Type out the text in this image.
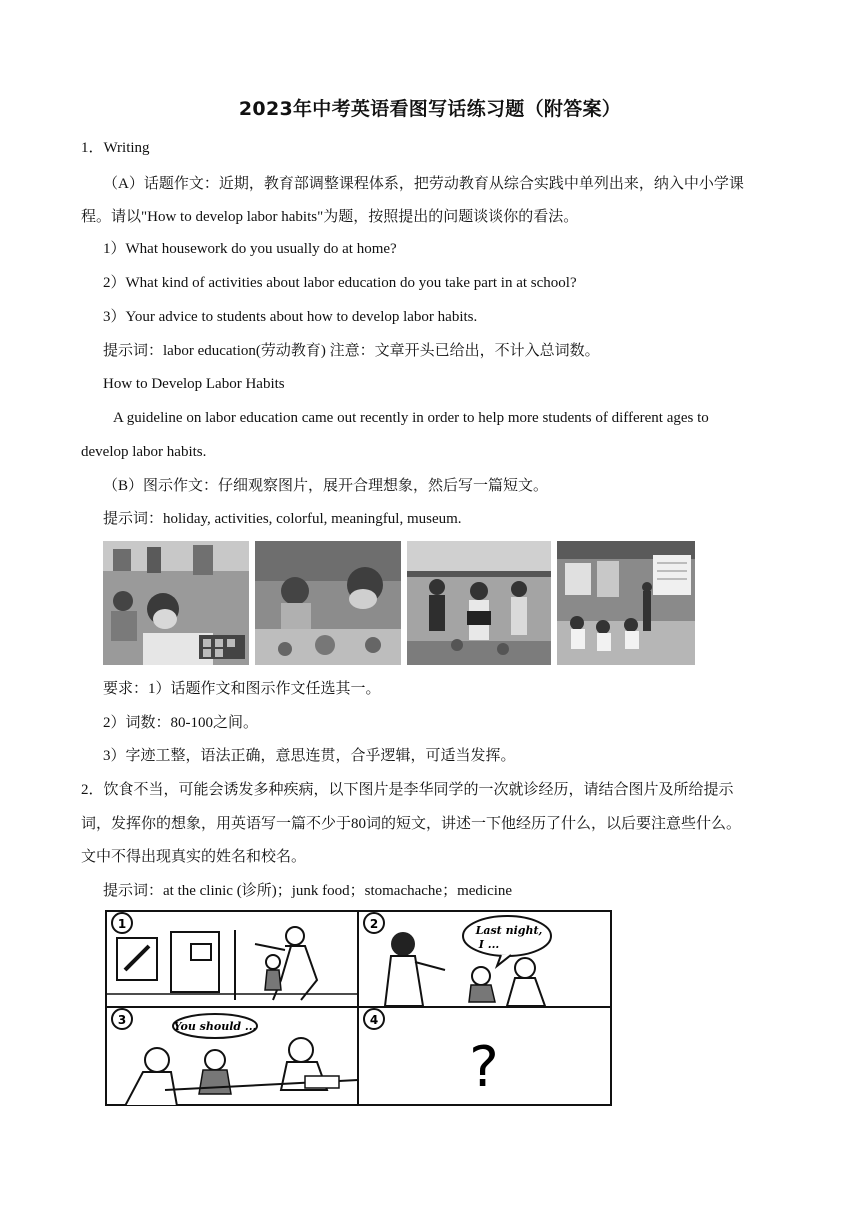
2023年中考英语看图写话练习题（附答案）
1．Writing
（A）话题作文：近期，教育部调整课程体系，把劳动教育从综合实践中单列出来，纳入中小学课
程。请以"How to develop labor habits"为题，按照提出的问题谈谈你的看法。
1）What housework do you usually do at home?
2）What kind of activities about labor education do you take part in at school?
3）Your advice to students about how to develop labor habits.
提示词：labor education(劳动教育) 注意：文章开头已给出，不计入总词数。
How to Develop Labor Habits
A guideline on labor education came out recently in order to help more students of different ages to
develop labor habits.
（B）图示作文：仔细观察图片，展开合理想象，然后写一篇短文。
提示词：holiday, activities, colorful, meaningful, museum.
要求：1）话题作文和图示作文任选其一。
2）词数：80-100之间。
3）字迹工整，语法正确，意思连贯，合乎逻辑，可适当发挥。
2．饮食不当，可能会诱发多种疾病，以下图片是李华同学的一次就诊经历，请结合图片及所给提示
词，发挥你的想象，用英语写一篇不少于80词的短文，讲述一下他经历了什么，以后要注意些什么。
文中不得出现真实的姓名和校名。
提示词：at the clinic (诊所)；junk food；stomachache；medicine
1	2	Last night,
I ...
3	You should ...	4
?
